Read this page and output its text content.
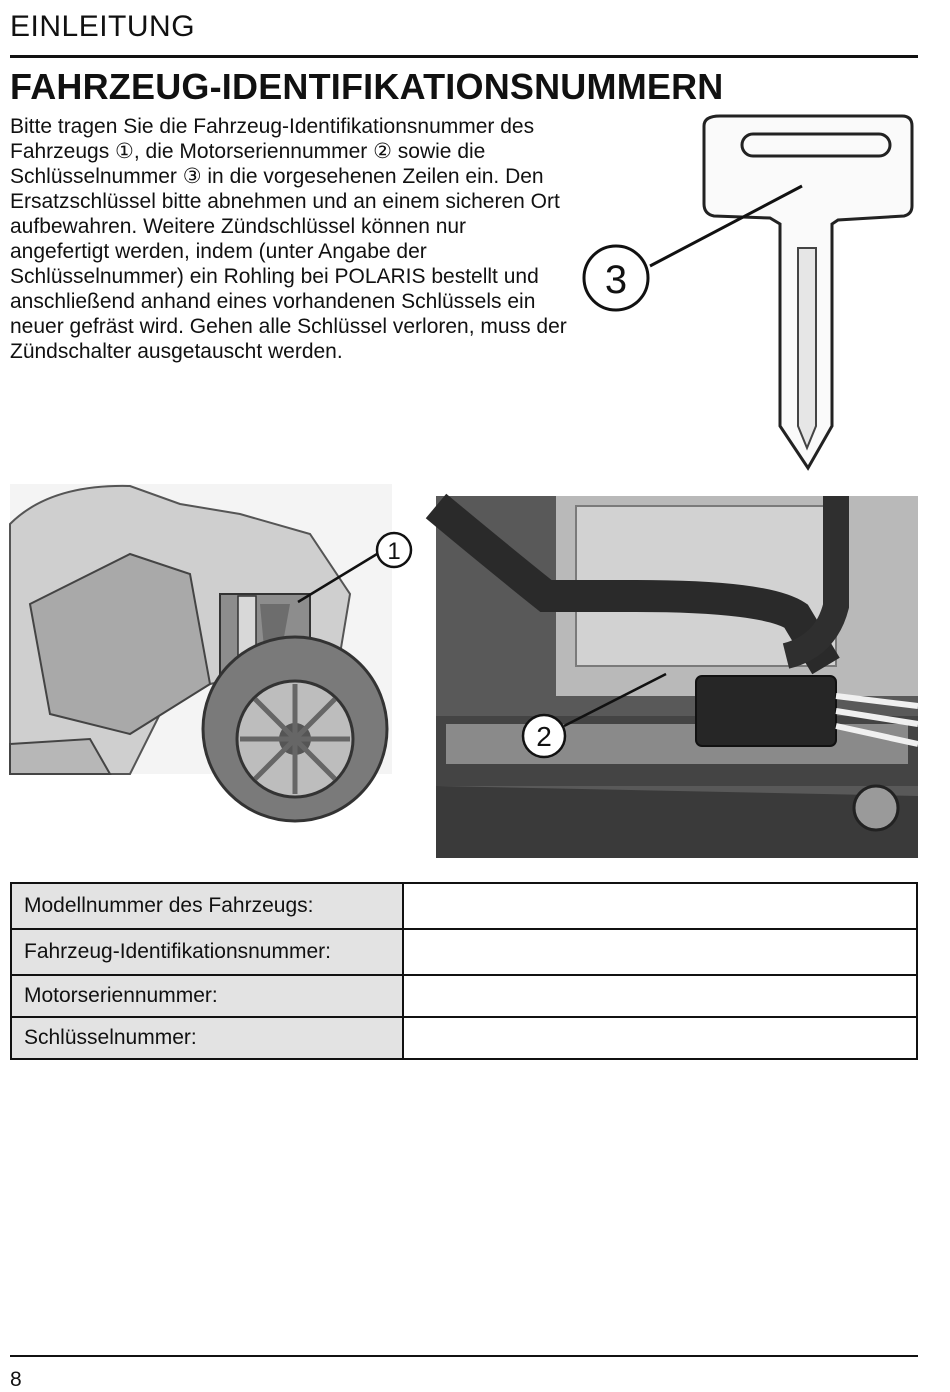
EINLEITUNG
FAHRZEUG-IDENTIFIKATIONSNUMMERN

Bitte tragen Sie die Fahrzeug-Identifikationsnummer des Fahrzeugs ①, die Motorseriennummer ② sowie die Schlüsselnummer ③ in die vorgesehenen Zeilen ein. Den Ersatzschlüssel bitte abnehmen und an einem sicheren Ort aufbewahren. Weitere Zündschlüssel können nur angefertigt werden, indem (unter Angabe der Schlüsselnummer) ein Rohling bei POLARIS bestellt und anschließend anhand eines vorhandenen Schlüssels ein neuer gefräst wird. Gehen alle Schlüssel verloren, muss der Zündschalter ausgetauscht werden.

3
1
2
Modellnummer des Fahrzeugs:	
Fahrzeug-Identifikationsnummer:	
Motorseriennummer:	
Schlüsselnummer:	
8
